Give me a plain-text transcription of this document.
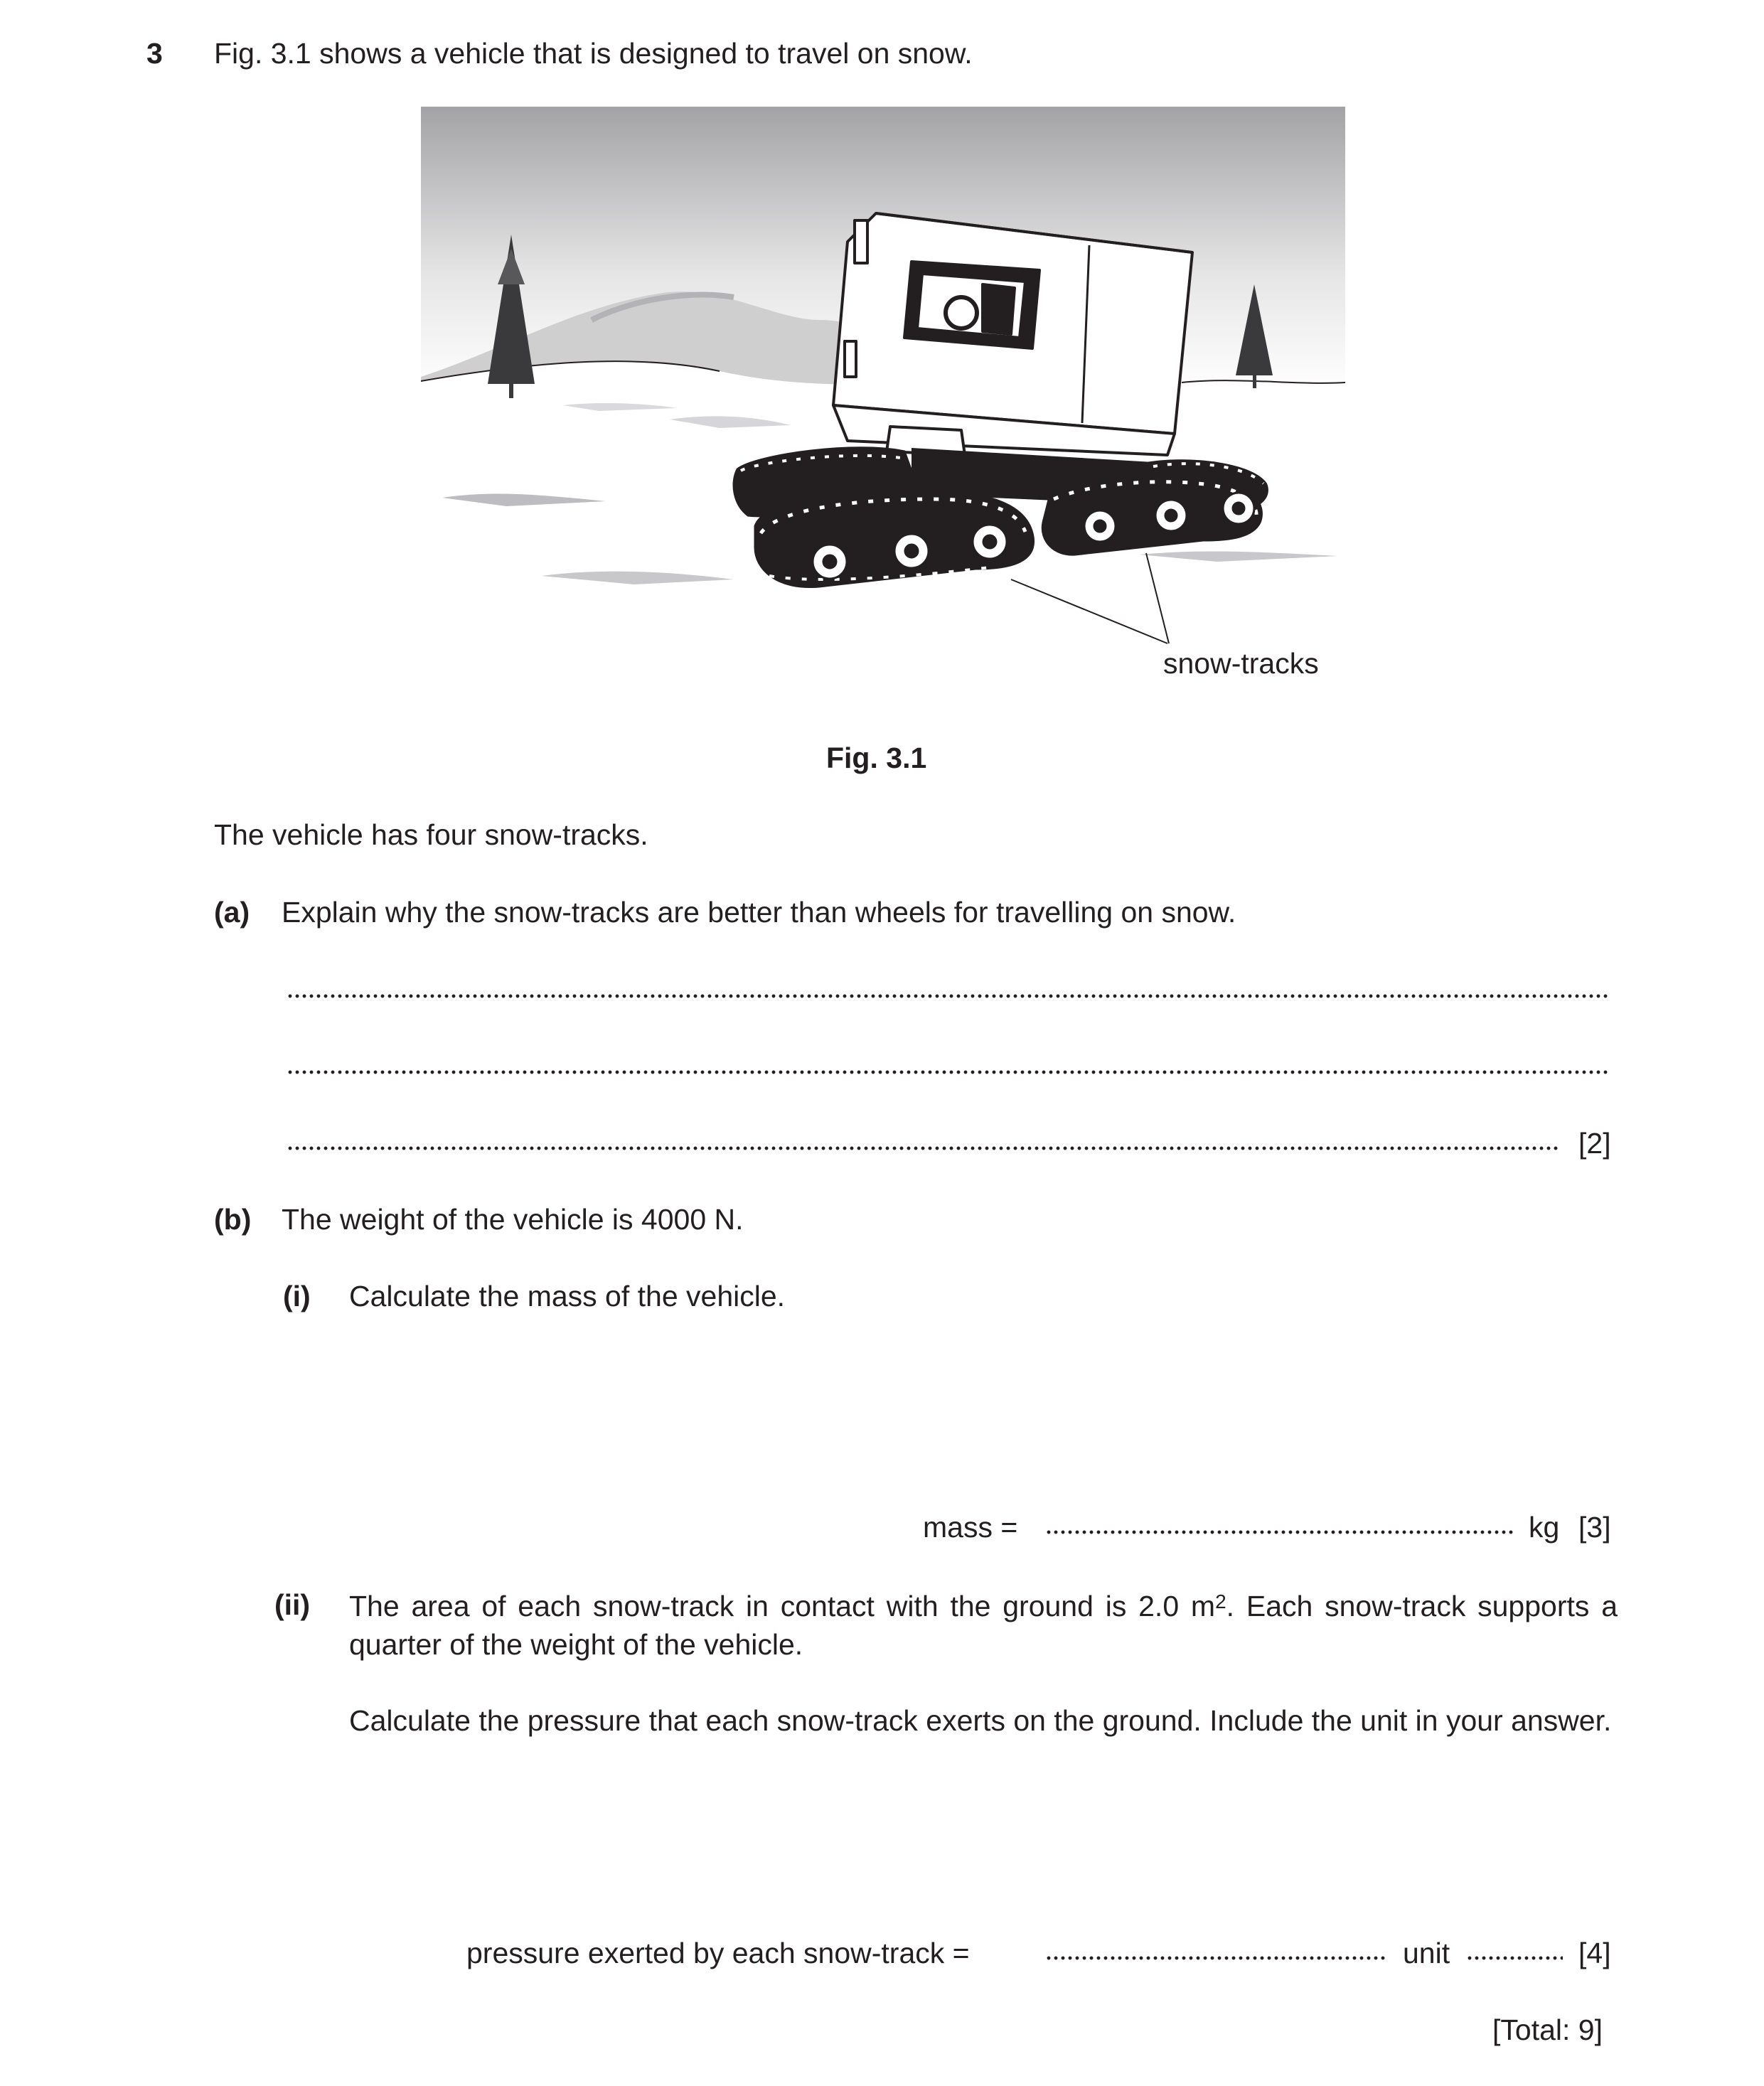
3 Fig. 3.1 shows a vehicle that is designed to travel on snow.
snow-tracks
Fig. 3.1
The vehicle has four snow-tracks.
(a) Explain why the snow-tracks are better than wheels for travelling on snow.
[2]
(b) The weight of the vehicle is 4000 N.
(i) Calculate the mass of the vehicle.
mass =	kg [3]
(ii) The area of each snow-track in contact with the ground is 2.0 $m^2$. Each snow-track supports a quarter of the weight of the vehicle.
Calculate the pressure that each snow-track exerts on the ground. Include the unit in your answer.
pressure exerted by each snow-track =	unit	[4]
[Total: 9]
